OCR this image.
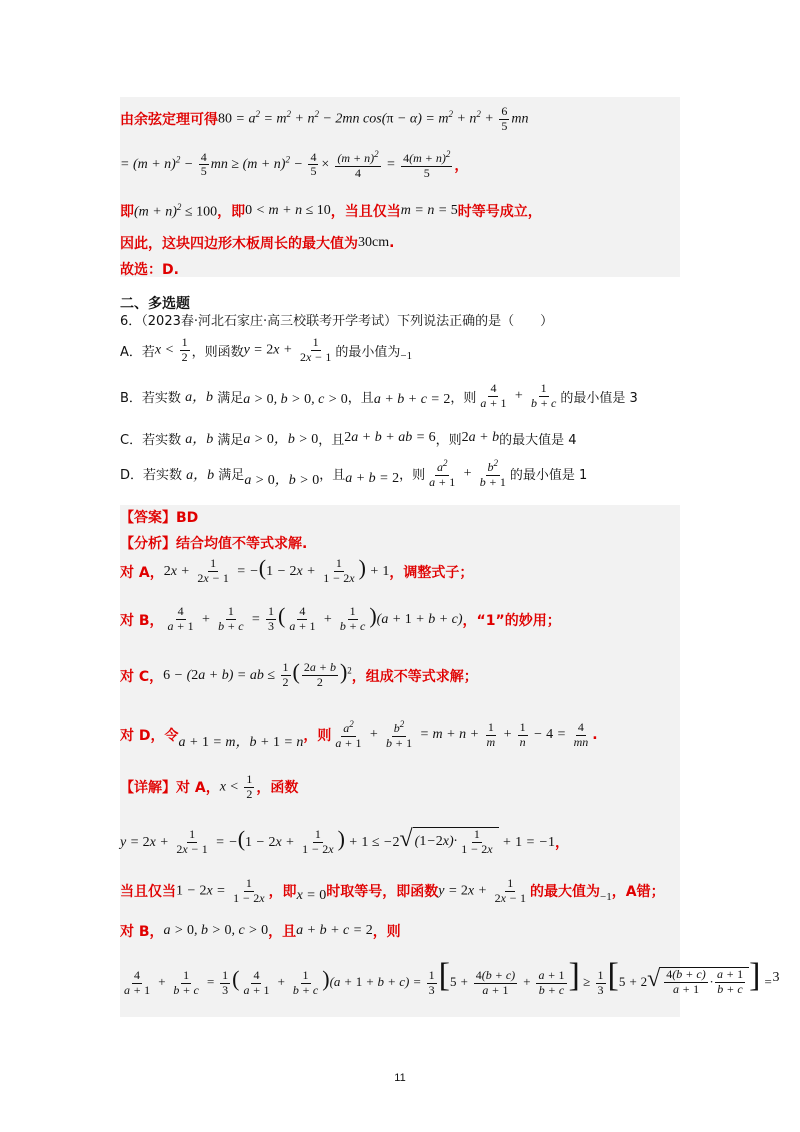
由余弦定理可得 $80 = a^2 = m^2 + n^2 - 2mn$ $\cos(\pi - \alpha) = m^2 + n^2 + \frac{6}{5}$ mn
= $(m + n)^2 - \frac{4}{5}$ mn ≥ $(m + n)^2 - \frac{4}{5} \times \frac{(m + n)^2}{4} = \frac{4(m + n)^2}{5}$ ，
即 $(m + n)^2 \le 100$ ，即 0 < m + n ≤ 10 ，当且仅当 m = n = 5 时等号成立，
因此，这块四边形木板周长的最大值为 30cm .
故选：D.
二、多选题
6．（2023春·河北石家庄·高三校联考开学考试）下列说法正确的是（　　）
A．若 $x < \frac{1}{2}$ ，则函数 $y = 2x + \frac{1}{2x - 1}$ 的最小值为 −1
B．若实数
a，b
满足 a > 0, b > 0, c > 0 ，且 a + b + c = 2 ，则 $\frac{4}{a + 1} + \frac{1}{b + c}$ 的最小值是 3
C．若实数
a，b
满足 a > 0，b > 0 ，且 2a + b + ab = 6 ，则 2a + b 的最大值是 4
D．若实数
a，b
满足 a > 0，b > 0 ，且 a + b = 2 ，则 $\frac{a^2}{a + 1} + \frac{b^2}{b + 1}$ 的最小值是 1
【答案】BD
【分析】结合均值不等式求解.
对 A， $2x + \frac{1}{2x - 1} = -(1 - 2x + \frac{1}{1 - 2x}$ ) + 1 ，调整式子；
对 B， $\frac{4}{a + 1} + \frac{1}{b + c} = \frac{1}{3}$ ( $\frac{4}{a + 1} + \frac{1}{b + c} )(a + 1 + b + c)$ ，“1”的妙用；
对 C， 6 − (2a + b) = ab ≤ $\frac{1}{2}$ ( $\frac{2a + b}{2} )^2$ ，组成不等式求解；
对 D，令 a + 1 = m，b + 1 = n ，则 $\frac{a^2}{a + 1} + \frac{b^2}{b + 1} = m + n + \frac{1}{m} + \frac{1}{n} - 4 = \frac{4}{mn}$ .
【详解】对 A， $x < \frac{1}{2}$ ，函数
$y = 2x + \frac{1}{2x - 1} = -(1 - 2x + \frac{1}{1 - 2x}$ ) + 1 ≤ −2 √ ( 1 − 2 $x)\cdot \frac{1}{1 - 2x} + 1 = -1$ ，
当且仅当 $1 - 2x = \frac{1}{1 - 2x}$ ，即 x = 0 时取等号，即函数 $y = 2x + \frac{1}{2x - 1}$ 的最大值为 −1 ，A错；
对 B， a > 0, b > 0, c > 0 ，且 a + b + c = 2 ，则
$\frac{4}{a + 1} + \frac{1}{b + c} = \frac{1}{3}$ ( $\frac{4}{a + 1} + \frac{1}{b + c} )(a + 1 + b + c) = \frac{1}{3} [5 + \frac{4(b + c)}{a + 1} + \frac{a + 1}{b + c}$ ] ≥ $\frac{1}{3} [5 + 2$ √ $\frac{4(b + c)}{a + 1} \cdot \frac{a + 1}{b + c}$ ] = 3
11
